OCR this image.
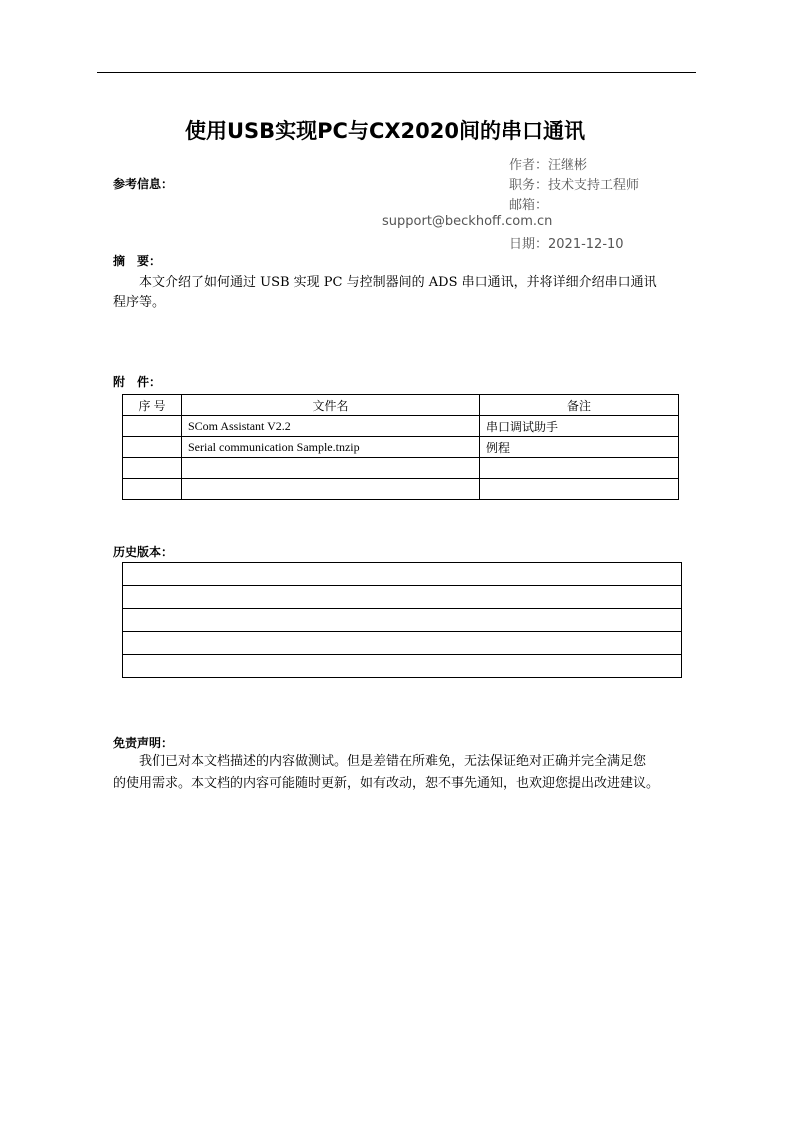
使用USB实现PC与CX2020间的串口通讯
参考信息：
作者：汪继彬
职务：技术支持工程师
邮箱：
support@beckhoff.com.cn
日期：2021-12-10
摘　要：
本文介绍了如何通过 USB 实现 PC 与控制器间的 ADS 串口通讯，并将详细介绍串口通讯
程序等。
附　件：
序 号	文件名	备注
	SCom Assistant V2.2	串口调试助手
	Serial communication Sample.tnzip	例程

历史版本：

免责声明：
我们已对本文档描述的内容做测试。但是差错在所难免，无法保证绝对正确并完全满足您
的使用需求。本文档的内容可能随时更新，如有改动，恕不事先通知，也欢迎您提出改进建议。
